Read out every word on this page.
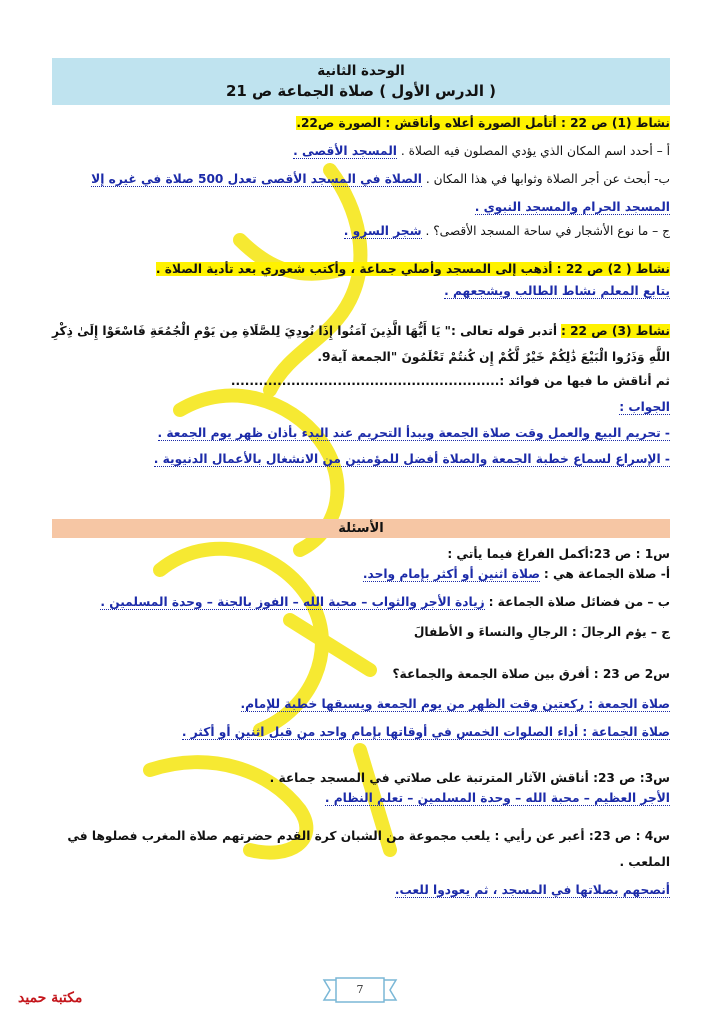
الوحدة الثانية
( الدرس الأول ) صلاة الجماعة ص 21
نشاط (1) ص 22 : أتأمل الصورة أعلاه وأناقش : الصورة ص22.
أ – أحدد اسم المكان الذي يؤدي المصلون فيه الصلاة . المسجد الأقصى .
ب- أبحث عن أجر الصلاة وثوابها في هذا المكان . الصلاة في المسجد الأقصى تعدل 500 صلاة في غيره إلا
المسجد الحرام والمسجد النبوي .
ج – ما نوع الأشجار في ساحة المسجد الأقصى؟ . شجر السرو .
نشاط ( 2) ص 22 : أذهب إلى المسجد وأصلي جماعة ، وأكتب شعوري بعد تأدية الصلاة .
يتابع المعلم نشاط الطالب ويشجعهم .
نشاط (3) ص 22 : أتدبر قوله تعالى :" يَا أَيُّهَا الَّذِينَ آمَنُوا إِذَا نُودِيَ لِلصَّلَاةِ مِن يَوْمِ الْجُمُعَةِ فَاسْعَوْا إِلَىٰ ذِكْرِ
اللَّهِ وَذَرُوا الْبَيْعَ ذَٰلِكُمْ خَيْرٌ لَّكُمْ إِن كُنتُمْ تَعْلَمُونَ "الجمعة آية9.
ثم أناقش ما فيها من فوائد :..........................................................
الجواب :
- تحريم البيع والعمل وقت صلاة الجمعة ويبدأ التحريم عند البدء بأذان ظهر يوم الجمعة .
- الإسراع لسماع خطبة الجمعة والصلاة أفضل للمؤمنين من الانشغال بالأعمال الدنيوية .
الأسئلة
س1 : ص 23:أكمل الفراغ فيما يأتي :
أ- صلاة الجماعة هي : صلاة اثنين أو أكثر بإمام واحد.
ب – من فضائل صلاة الجماعة : زيادة الأجر والثواب – محبة الله – الفوز بالجنة – وحدة المسلمين .
ج – يؤم الرجالَ : الرجالِ والنساءَ و الأطفالَ
س2 ص 23 : أفرق بين صلاة الجمعة والجماعة؟
صلاة الجمعة : ركعتين وقت الظهر من يوم الجمعة ويسبقها خطبة للإمام.
صلاة الجماعة : أداء الصلوات الخمس في أوقاتها بإمام واحد من قبل اثنين أو أكثر .
س3: ص 23: أناقش الآثار المترتبة على صلاتي في المسجد جماعة .
الأجر العظيم – محبة الله – وحدة المسلمين – تعلم النظام .
س4 : ص 23: أعبر عن رأيي : يلعب مجموعة من الشبان كرة القدم حضرتهم صلاة المغرب فصلوها في
الملعب .
أنصحهم بصلاتها في المسجد ، ثم يعودوا للعب.
7
مكتبة حميد
